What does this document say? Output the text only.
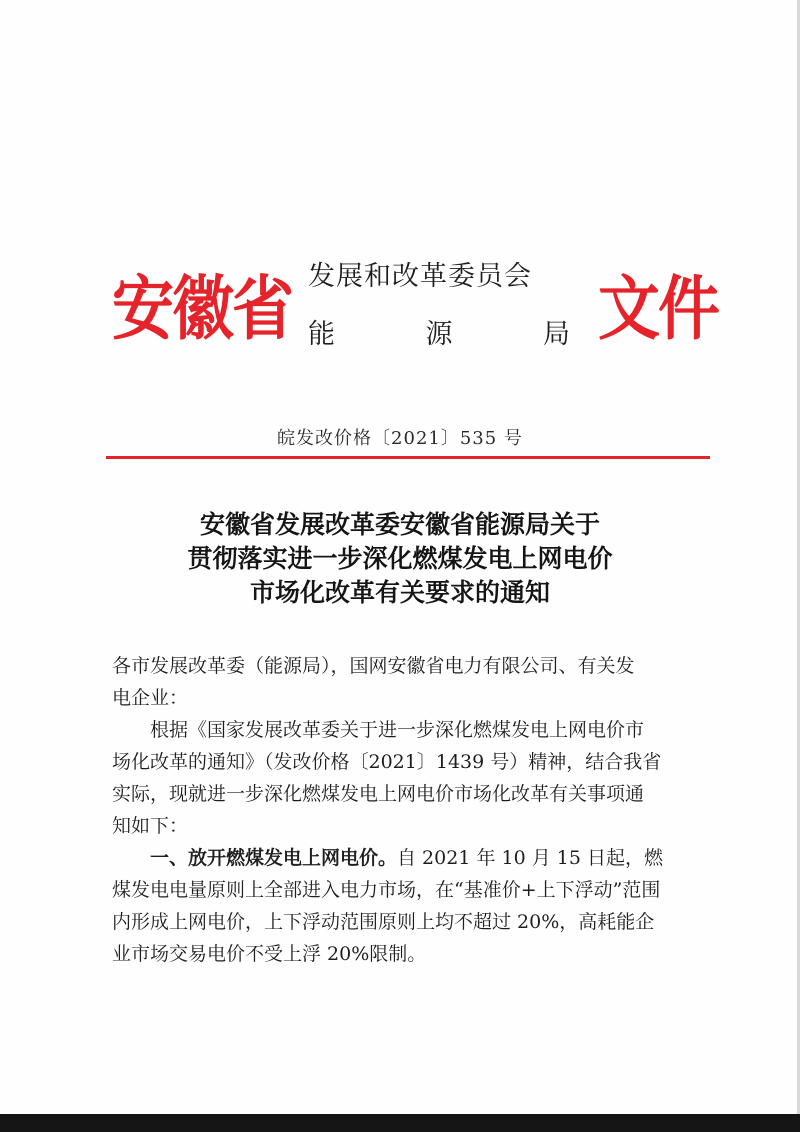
安徽省 发展和改革委员会
能	源	局 文件
皖发改价格〔2021〕535 号
安徽省发展改革委安徽省能源局关于
贯彻落实进一步深化燃煤发电上网电价
市场化改革有关要求的通知
各市发展改革委（能源局），国网安徽省电力有限公司、有关发
电企业：
根据《国家发展改革委关于进一步深化燃煤发电上网电价市
场化改革的通知》（发改价格〔2021〕1439 号）精神，结合我省
实际，现就进一步深化燃煤发电上网电价市场化改革有关事项通
知如下：
一、放开燃煤发电上网电价。自 2021 年 10 月 15 日起，燃
煤发电电量原则上全部进入电力市场，在“基准价+上下浮动”范围
内形成上网电价，上下浮动范围原则上均不超过 20%，高耗能企
业市场交易电价不受上浮 20%限制。
